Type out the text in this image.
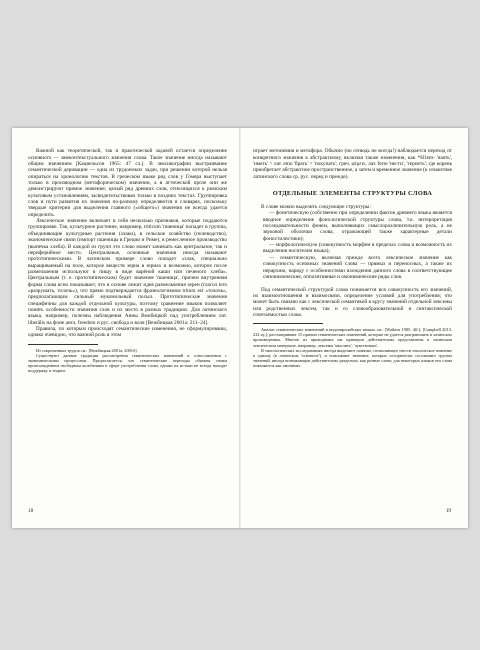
Важной как теоретической, так и практической задачей остается определение основного — внеконтекстуального значения слова. Такое значение иногда называют общим значением [Кацнельсон 1965: 47 сл.]. В лексикографии выстраивание семантической деривации — одна из трудоемких задач, при решении которой нельзя опираться на хронологию текстов. В греческом языке ряд слов у Гомера выступает только в производном (метафорическом) значении, а в аттической прозе они же демонстрируют прямое значение; целый ряд древних слов, относящихся к римским культовым установлениям, засвидетельствован только в поздних текстах. Группировка слов и пути развития их значения по-разному определяются в словарях, поскольку твердые критерии для выделения главного («общего») значения не всегда удается определить.

Лексическое значение включает в себя несколько признаков, которые поддаются группировке. Так, культурное растение, например, triticum 'пшеница' попадет в группы, объединяющие культурные растения (злаки), в сельское хозяйство (полеводство), экономические связи (импорт пшеницы в Греции и Риме), в ремесленное производство (выпечка хлеба). В каждой из групп это слово может занимать как центральное, так и периферийное место. Центральные, основные значения иногда называют прототипическими. В латинском примере слово попадет «злак, специально выращиваемый на поле, которое веществ зерна в зернах и возможно, которое после размельчения используют в пищу в виде варёной каши или печеного хлеба». Центральным (т. е. прототипическим) будет значение 'пшеница', причем внутренняя форма слова ясно показывает, что в основе лежит идея размельчения зерен (глагол tero «разрушать, толочь»), что прямо подтверждается фразеологизмом tritum est «толочь», предполагающим сильный мукомольный посыл. Прототипические значения специфичны для каждой отдельной культуры, поэтому сравнение языков позволяет понять особенности значения слов и их место в разных традициях. Для латинского языка, например, полезны наблюдения Анны Вежбицкой над употреблением лат. liberālis на фоне англ. freedom и рус. свобода и воля [Вежбицкая 2001а: 211–24].

Правила, по которым происходят семантические изменения, не сформулированы, однако очевидно, что важной роль в этом

Из современных трудов см.: [Вежбицкая 2001а; 2001б].

Существуют данные традиции рассмотрения семантических изменений в сопоставлении с экономическими процессами. Предполагается, что семантические переходы обязаны своим происхождением свободным колебаниям в сфере употребления слова, однако их истоки не всегда находят поддержку в теории.

18

играет метонимия и метафора. Обычно (но отнюдь не всегда!) наблюдается переход от конкретного значения к абстрактному, включая также изменения, как *H1em- 'взять', 'иметь' > лат. emo 'брать' > 'покупать'; греч. φέρειν, лат. ferre 'нести', 'терпеть'; где корень приобретает абстрактное пространственное, а затем и временное значение (к семантике латинского слова ср. рус. перед и прежде).

ОТДЕЛЬНЫЕ ЭЛЕМЕНТЫ СТРУКТУРЫ СЛОВА

В слове можно выделить следующие структуры:

— фонетическую (собственно при определении фактов древнего языка является вводное определение фонологической структуры слова, т.е. интерпретация последовательности фонем, выполняющих смыслоразличительную роль, а не звуковой оболочки слова, отражающей также характерные детали фоностилистики);

— морфологическую (совокупность морфем в пределах слова и возможность их выделения носителем языка);

— семантическую, включая прежде всего лексическое значение как совокупность основных значений слова — прямых и переносных, а также их иерархию, наряду с особенностями вхождения данного слова в соответствующие синонимические, оппозитивные и омонимические ряды слов.

Под семантической структурой слова понимается вся совокупность его значений, их взаимоотношения и взаимосвязи, определение условий для употребления; что может быть связано как с лексической семантикой в кругу значений отдельной лексемы или родственных лексем, так и со словообразовательной и синтаксической сочетаемостью слова.

Анализ семантических изменений в индоевропейских языках см.: [Watkins 1985: 4ff.]; [Campbell 2013: 232 sq.]; рассматривают 15 причин семантических изменений, которые не удается разграничить в латинских произведениях. Многие из приводимых им примеров действительно представлены в латинском лексическом материале, например, лексемы 'мыслить', 'чувствовать'.

В типологических исследованиях иногда выделяют понятие, позволяющее свести лексическое значение к одному (в латинском 'основное'), и описывают значение, которые исторически составляют группы значений, иногда возникающие действительно раздельно, как разные слова; для некоторых языков эти слова появляются как омонимы.

19
